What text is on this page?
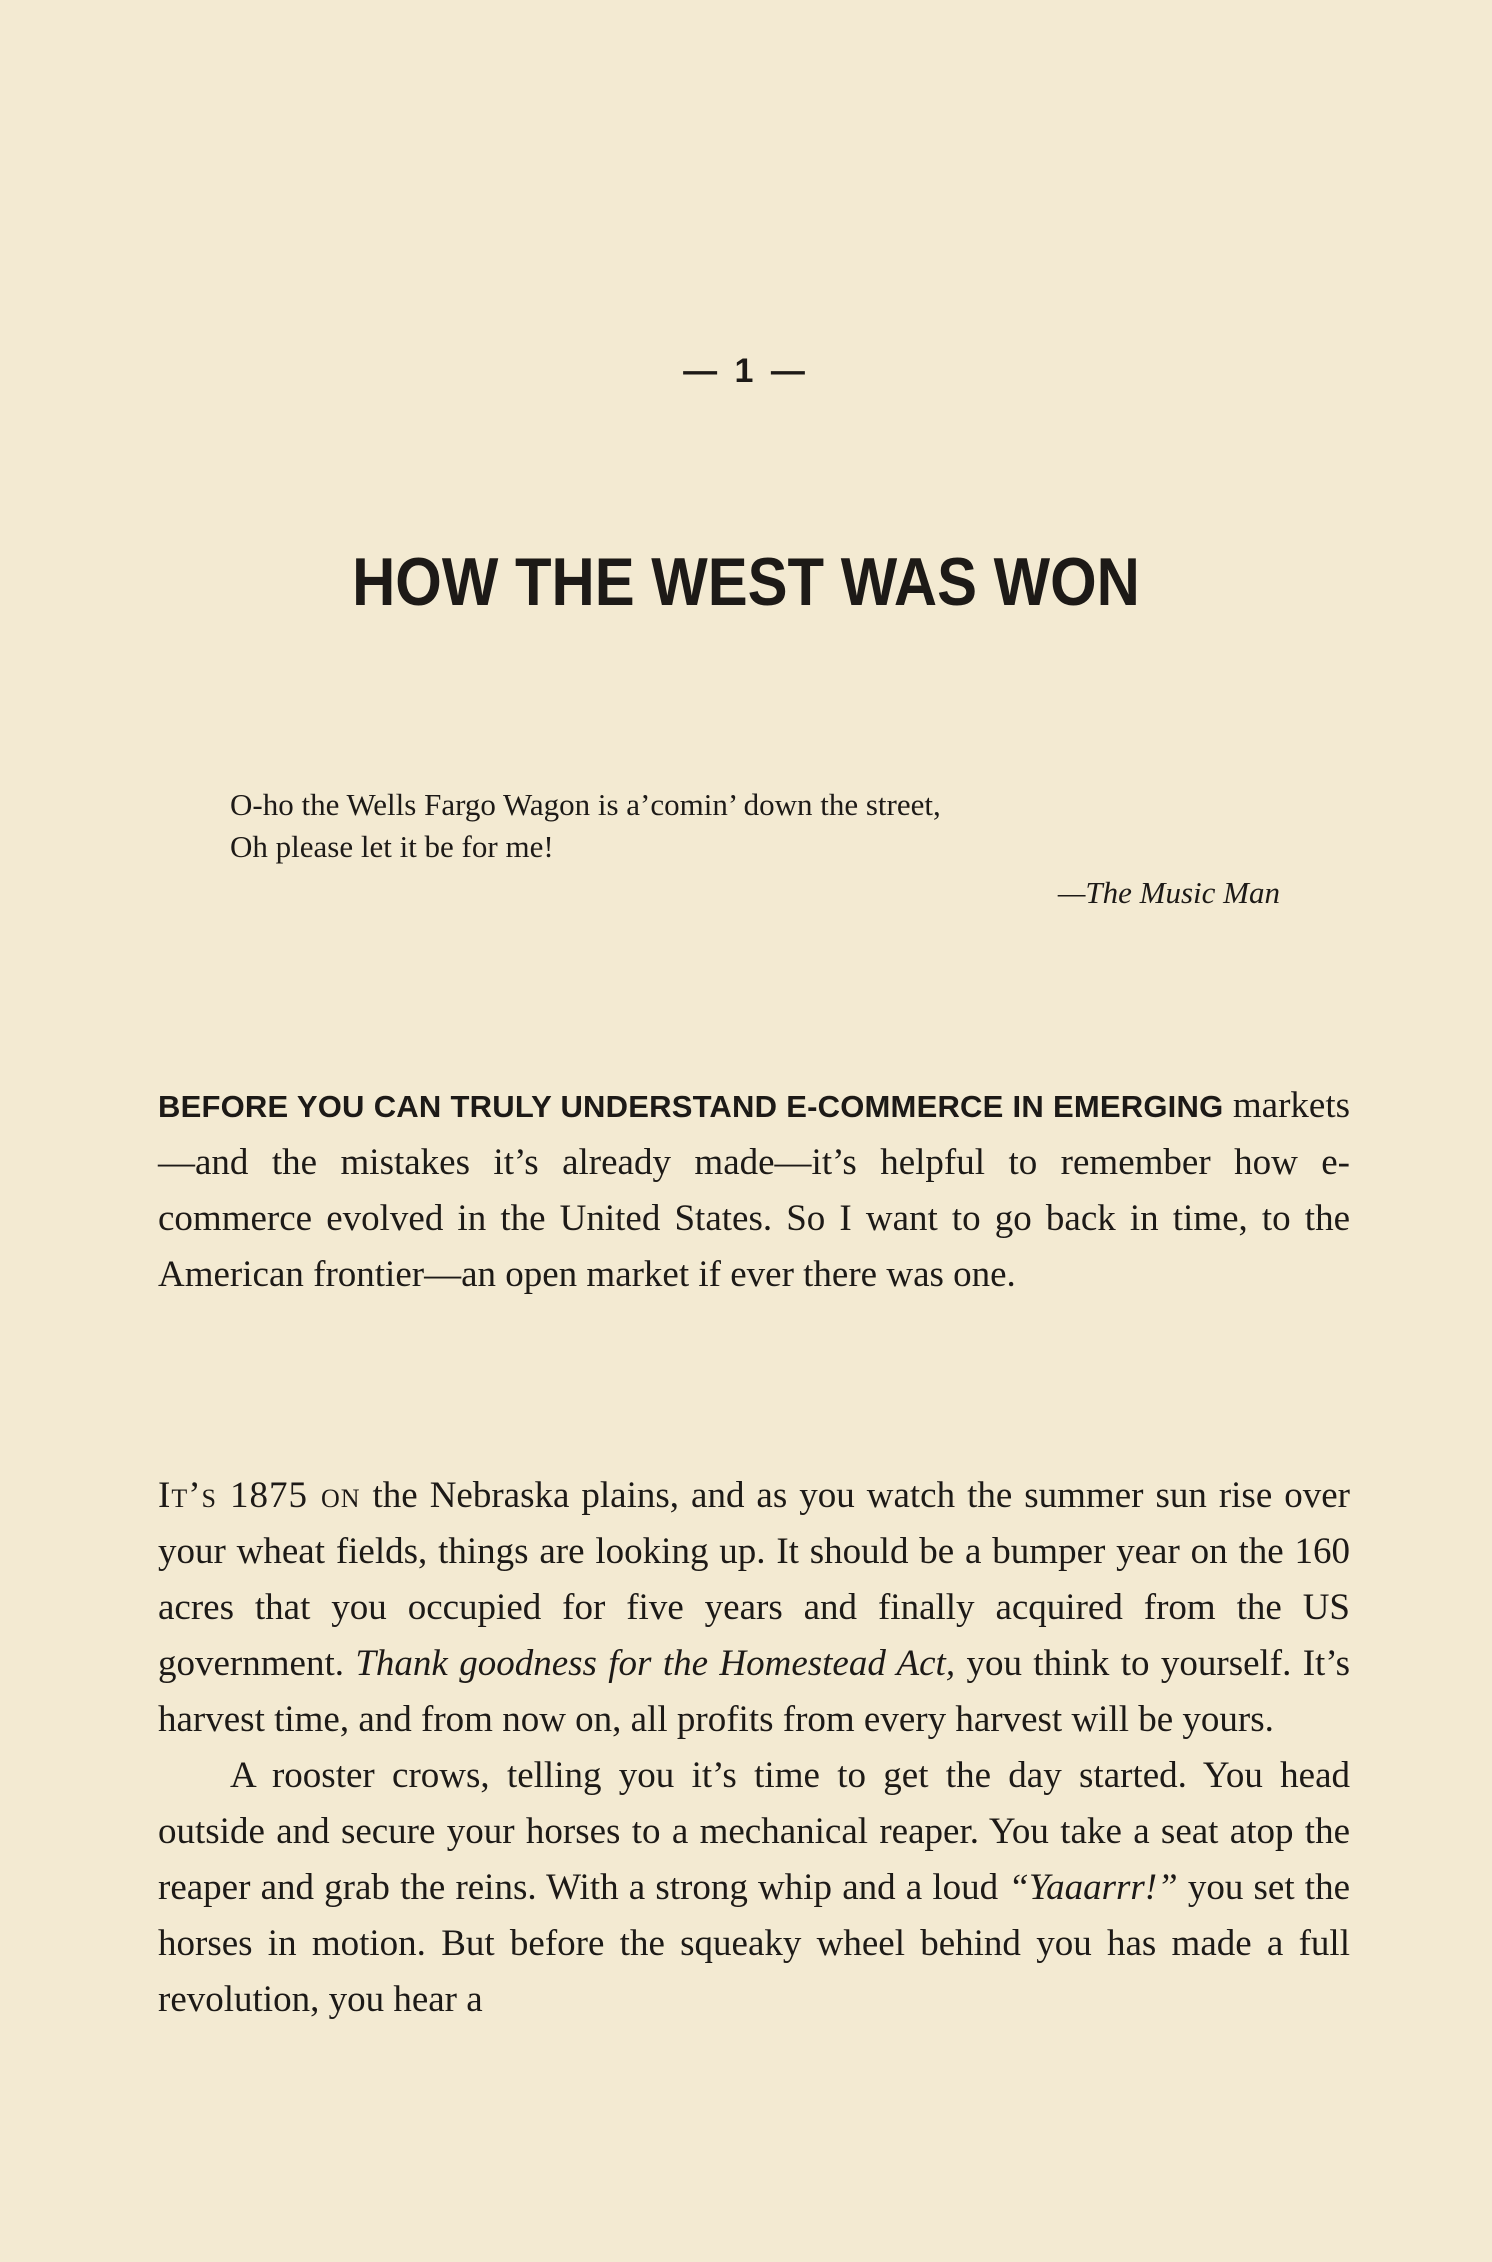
— 1 —
HOW THE WEST WAS WON
O-ho the Wells Fargo Wagon is a’comin’ down the street,
Oh please let it be for me!
—The Music Man

BEFORE YOU CAN TRULY UNDERSTAND E-COMMERCE IN EMERGING markets—and the mistakes it’s already made—it’s helpful to remember how e-commerce evolved in the United States. So I want to go back in time, to the American frontier—an open market if ever there was one.

It’s 1875 on the Nebraska plains, and as you watch the summer sun rise over your wheat fields, things are looking up. It should be a bumper year on the 160 acres that you occupied for five years and finally acquired from the US government. Thank goodness for the Homestead Act, you think to yourself. It’s harvest time, and from now on, all profits from every harvest will be yours.

A rooster crows, telling you it’s time to get the day started. You head outside and secure your horses to a mechanical reaper. You take a seat atop the reaper and grab the reins. With a strong whip and a loud “Yaaarrr!” you set the horses in motion. But before the squeaky wheel behind you has made a full revolution, you hear a
